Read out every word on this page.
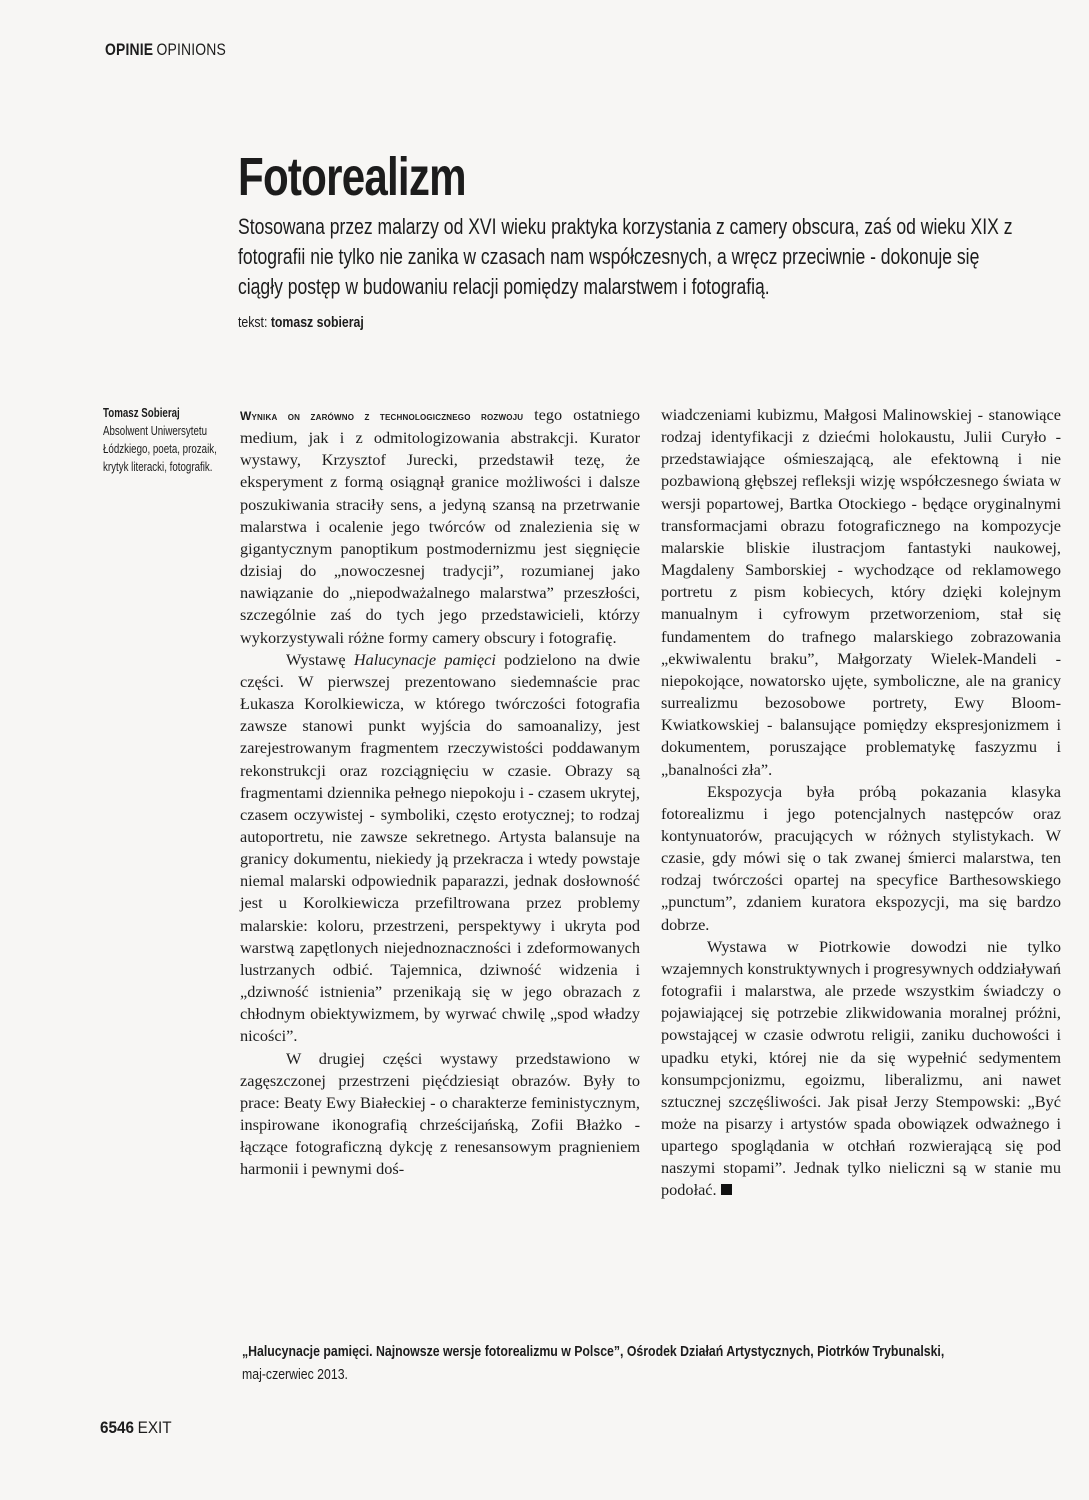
OPINIE OPINIONS
Fotorealizm

Stosowana przez malarzy od XVI wieku praktyka korzystania z camery obscura, zaś od wieku XIX z fotografii nie tylko nie zanika w czasach nam współczesnych, a wręcz przeciwnie - dokonuje się ciągły postęp w budowaniu relacji pomiędzy malarstwem i fotografią.

tekst: tomasz sobieraj
Tomasz Sobieraj
Absolwent Uniwersytetu Łódzkiego, poeta, prozaik, krytyk literacki, fotografik.

Wynika on zarówno z technologicznego rozwoju tego ostatniego medium, jak i z odmitologizowania abstrakcji. Kurator wystawy, Krzysztof Jurecki, przedstawił tezę, że eksperyment z formą osiągnął granice możliwości i dalsze poszukiwania straciły sens, a jedyną szansą na przetrwanie malarstwa i ocalenie jego twórców od znalezienia się w gigantycznym panoptikum postmodernizmu jest sięgnięcie dzisiaj do „nowoczesnej tradycji”, rozumianej jako nawiązanie do „niepodważalnego malarstwa” przeszłości, szczególnie zaś do tych jego przedstawicieli, którzy wykorzystywali różne formy camery obscury i fotografię.

Wystawę Halucynacje pamięci podzielono na dwie części. W pierwszej prezentowano siedemnaście prac Łukasza Korolkiewicza, w którego twórczości fotografia zawsze stanowi punkt wyjścia do samoanalizy, jest zarejestrowanym fragmentem rzeczywistości poddawanym rekonstrukcji oraz rozciągnięciu w czasie. Obrazy są fragmentami dziennika pełnego niepokoju i - czasem ukrytej, czasem oczywistej - symboliki, często erotycznej; to rodzaj autoportretu, nie zawsze sekretnego. Artysta balansuje na granicy dokumentu, niekiedy ją przekracza i wtedy powstaje niemal malarski odpowiednik paparazzi, jednak dosłowność jest u Korolkiewicza przefiltrowana przez problemy malarskie: koloru, przestrzeni, perspektywy i ukryta pod warstwą zapętlonych niejednoznaczności i zdeformowanych lustrzanych odbić. Tajemnica, dziwność widzenia i „dziwność istnienia” przenikają się w jego obrazach z chłodnym obiektywizmem, by wyrwać chwilę „spod władzy nicości”.

W drugiej części wystawy przedstawiono w zagęszczonej przestrzeni pięćdziesiąt obrazów. Były to prace: Beaty Ewy Białeckiej - o charakterze feministycznym, inspirowane ikonografią chrześcijańską, Zofii Błażko - łączące fotograficzną dykcję z renesansowym pragnieniem harmonii i pewnymi doś-

wiadczeniami kubizmu, Małgosi Malinowskiej - stanowiące rodzaj identyfikacji z dziećmi holokaustu, Julii Curyło - przedstawiające ośmieszającą, ale efektowną i nie pozbawioną głębszej refleksji wizję współczesnego świata w wersji popartowej, Bartka Otockiego - będące oryginalnymi transformacjami obrazu fotograficznego na kompozycje malarskie bliskie ilustracjom fantastyki naukowej, Magdaleny Samborskiej - wychodzące od reklamowego portretu z pism kobiecych, który dzięki kolejnym manualnym i cyfrowym przetworzeniom, stał się fundamentem do trafnego malarskiego zobrazowania „ekwiwalentu braku”, Małgorzaty Wielek-Mandeli - niepokojące, nowatorsko ujęte, symboliczne, ale na granicy surrealizmu bezosobowe portrety, Ewy Bloom-Kwiatkowskiej - balansujące pomiędzy ekspresjonizmem i dokumentem, poruszające problematykę faszyzmu i „banalności zła”.

Ekspozycja była próbą pokazania klasyka fotorealizmu i jego potencjalnych następców oraz kontynuatorów, pracujących w różnych stylistykach. W czasie, gdy mówi się o tak zwanej śmierci malarstwa, ten rodzaj twórczości opartej na specyfice Barthesowskiego „punctum”, zdaniem kuratora ekspozycji, ma się bardzo dobrze.

Wystawa w Piotrkowie dowodzi nie tylko wzajemnych konstruktywnych i progresywnych oddziaływań fotografii i malarstwa, ale przede wszystkim świadczy o pojawiającej się potrzebie zlikwidowania moralnej próżni, powstającej w czasie odwrotu religii, zaniku duchowości i upadku etyki, której nie da się wypełnić sedymentem konsumpcjonizmu, egoizmu, liberalizmu, ani nawet sztucznej szczęśliwości. Jak pisał Jerzy Stempowski: „Być może na pisarzy i artystów spada obowiązek odważnego i upartego spoglądania w otchłań rozwierającą się pod naszymi stopami”. Jednak tylko nieliczni są w stanie mu podołać.

„Halucynacje pamięci. Najnowsze wersje fotorealizmu w Polsce”, Ośrodek Działań Artystycznych, Piotrków Trybunalski,
maj-czerwiec 2013.
6546 EXIT
